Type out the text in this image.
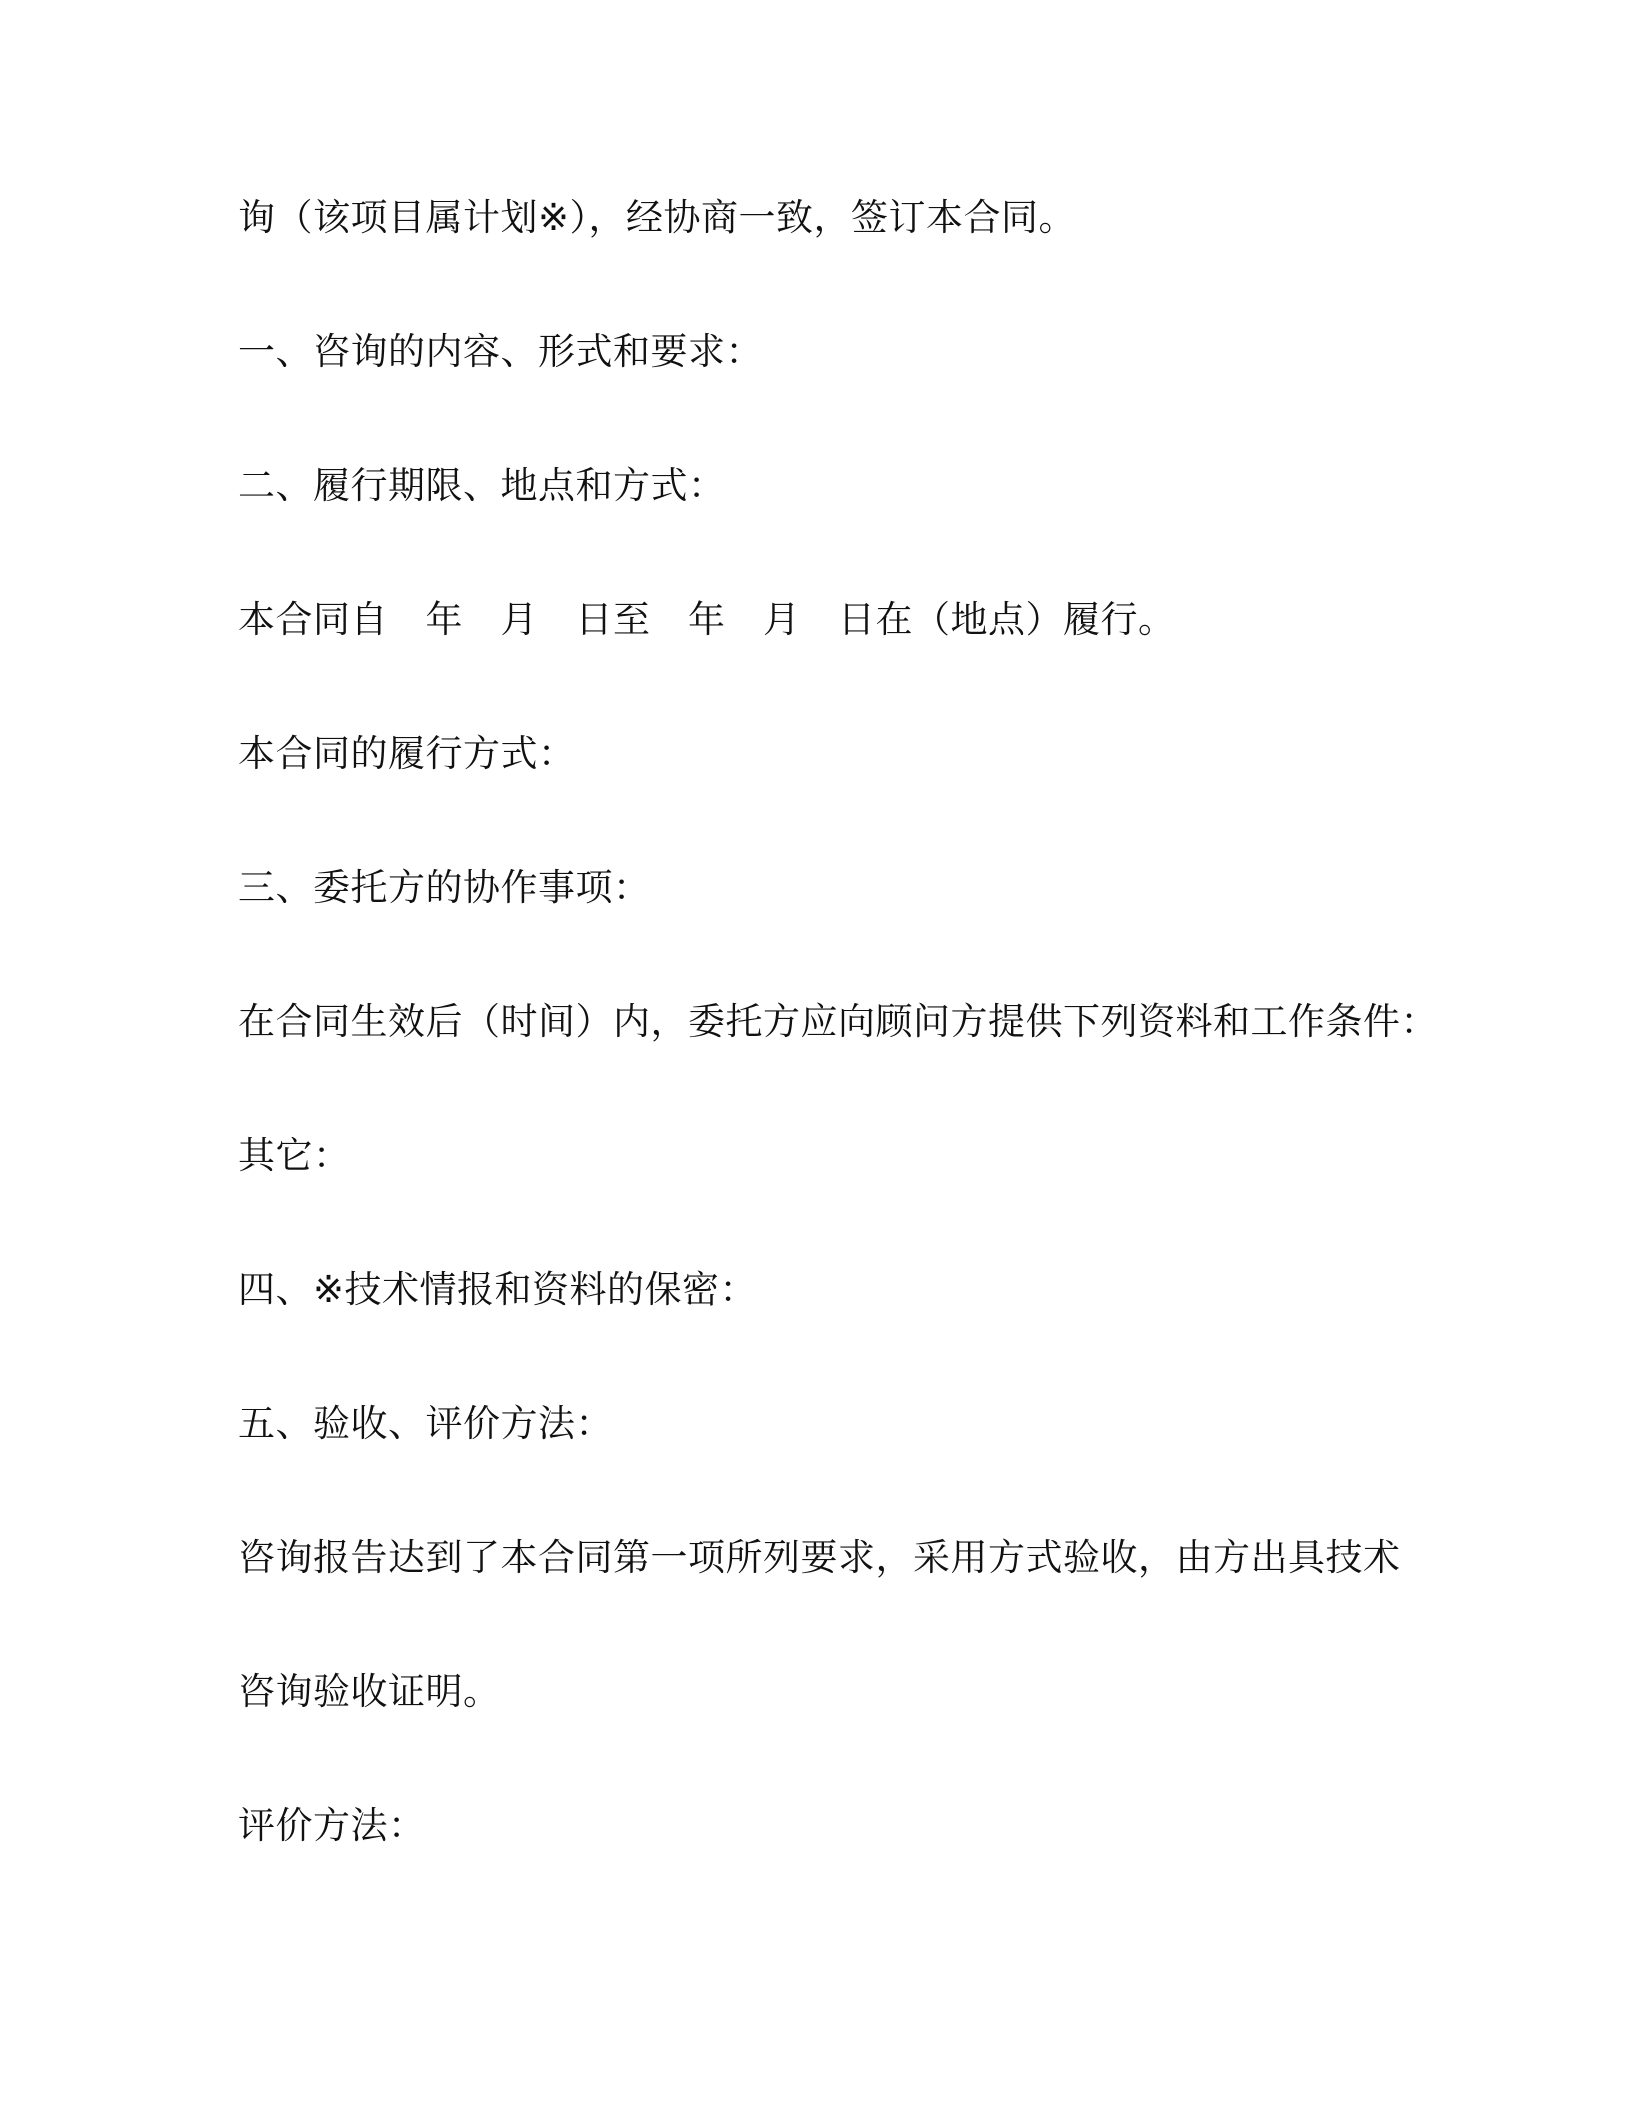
询（该项目属计划※），经协商一致，签订本合同。
一、咨询的内容、形式和要求：
二、履行期限、地点和方式：
本合同自　年　月　日至　年　月　日在（地点）履行。
本合同的履行方式：
三、委托方的协作事项：
在合同生效后（时间）内，委托方应向顾问方提供下列资料和工作条件：
其它：
四、※技术情报和资料的保密：
五、验收、评价方法：
咨询报告达到了本合同第一项所列要求，采用方式验收，由方出具技术
咨询验收证明。
评价方法：
